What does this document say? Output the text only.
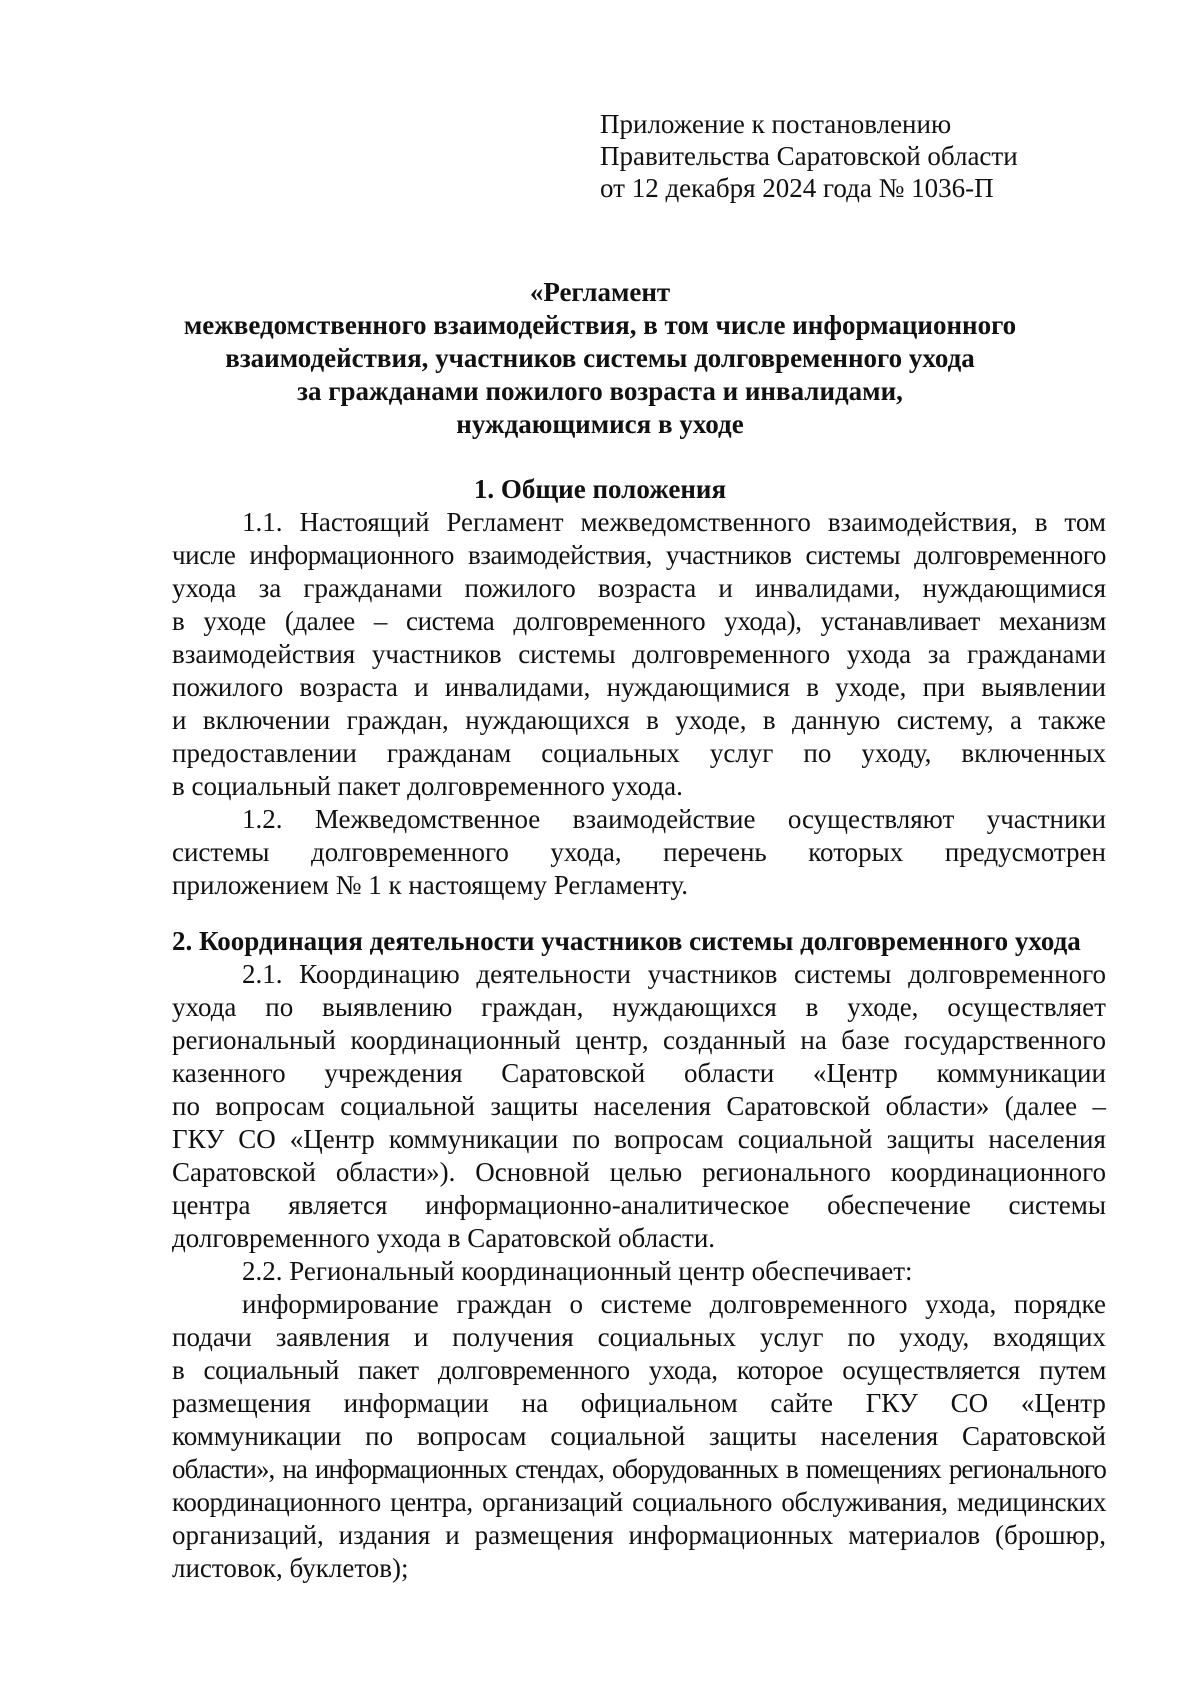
Приложение к постановлению
Правительства Саратовской области
от 12 декабря 2024 года № 1036-П
«Регламент
межведомственного взаимодействия, в том числе информационного
взаимодействия, участников системы долговременного ухода
за гражданами пожилого возраста и инвалидами,
нуждающимися в уходе
1. Общие положения
1.1. Настоящий Регламент межведомственного взаимодействия, в том
числе информационного взаимодействия, участников системы долговременного
ухода за гражданами пожилого возраста и инвалидами, нуждающимися
в уходе (далее – система долговременного ухода), устанавливает механизм
взаимодействия участников системы долговременного ухода за гражданами
пожилого возраста и инвалидами, нуждающимися в уходе, при выявлении
и включении граждан, нуждающихся в уходе, в данную систему, а также
предоставлении гражданам социальных услуг по уходу, включенных
в социальный пакет долговременного ухода.
1.2. Межведомственное взаимодействие осуществляют участники
системы долговременного ухода, перечень которых предусмотрен
приложением № 1 к настоящему Регламенту.
2. Координация деятельности участников системы долговременного ухода
2.1. Координацию деятельности участников системы долговременного
ухода по выявлению граждан, нуждающихся в уходе, осуществляет
региональный координационный центр, созданный на базе государственного
казенного учреждения Саратовской области «Центр коммуникации
по вопросам социальной защиты населения Саратовской области» (далее –
ГКУ СО «Центр коммуникации по вопросам социальной защиты населения
Саратовской области»). Основной целью регионального координационного
центра является информационно-аналитическое обеспечение системы
долговременного ухода в Саратовской области.
2.2. Региональный координационный центр обеспечивает:
информирование граждан о системе долговременного ухода, порядке
подачи заявления и получения социальных услуг по уходу, входящих
в социальный пакет долговременного ухода, которое осуществляется путем
размещения информации на официальном сайте ГКУ СО «Центр
коммуникации по вопросам социальной защиты населения Саратовской
области», на информационных стендах, оборудованных в помещениях регионального
координационного центра, организаций социального обслуживания, медицинских
организаций, издания и размещения информационных материалов (брошюр,
листовок, буклетов);
